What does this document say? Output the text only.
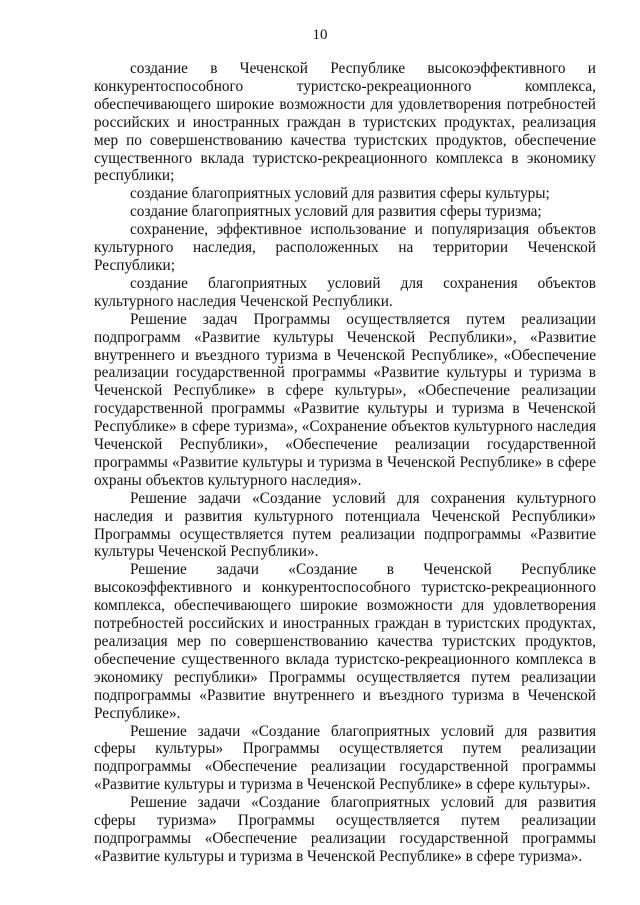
10

создание в Чеченской Республике высокоэффективного и конкурентоспособного туристско-рекреационного комплекса, обеспечивающего широкие возможности для удовлетворения потребностей российских и иностранных граждан в туристских продуктах, реализация мер по совершенствованию качества туристских продуктов, обеспечение существенного вклада туристско-рекреационного комплекса в экономику республики;

создание благоприятных условий для развития сферы культуры;

создание благоприятных условий для развития сферы туризма;

сохранение, эффективное использование и популяризация объектов культурного наследия, расположенных на территории Чеченской Республики;

создание благоприятных условий для сохранения объектов культурного наследия Чеченской Республики.

Решение задач Программы осуществляется путем реализации подпрограмм «Развитие культуры Чеченской Республики», «Развитие внутреннего и въездного туризма в Чеченской Республике», «Обеспечение реализации государственной программы «Развитие культуры и туризма в Чеченской Республике» в сфере культуры», «Обеспечение реализации государственной программы «Развитие культуры и туризма в Чеченской Республике» в сфере туризма», «Сохранение объектов культурного наследия Чеченской Республики», «Обеспечение реализации государственной программы «Развитие культуры и туризма в Чеченской Республике» в сфере охраны объектов культурного наследия».

Решение задачи «Создание условий для сохранения культурного наследия и развития культурного потенциала Чеченской Республики» Программы осуществляется путем реализации подпрограммы «Развитие культуры Чеченской Республики».

Решение задачи «Создание в Чеченской Республике высокоэффективного и конкурентоспособного туристско-рекреационного комплекса, обеспечивающего широкие возможности для удовлетворения потребностей российских и иностранных граждан в туристских продуктах, реализация мер по совершенствованию качества туристских продуктов, обеспечение существенного вклада туристско-рекреационного комплекса в экономику республики» Программы осуществляется путем реализации подпрограммы «Развитие внутреннего и въездного туризма в Чеченской Республике».

Решение задачи «Создание благоприятных условий для развития сферы культуры» Программы осуществляется путем реализации подпрограммы «Обеспечение реализации государственной программы «Развитие культуры и туризма в Чеченской Республике» в сфере культуры».

Решение задачи «Создание благоприятных условий для развития сферы туризма» Программы осуществляется путем реализации подпрограммы «Обеспечение реализации государственной программы «Развитие культуры и туризма в Чеченской Республике» в сфере туризма».
